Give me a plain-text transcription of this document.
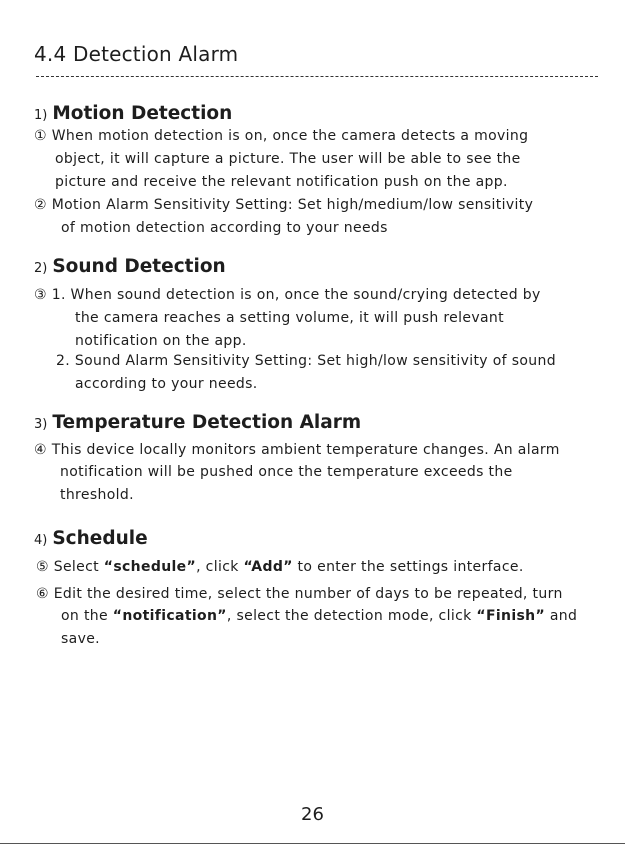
4.4 Detection Alarm
1) Motion Detection
① When motion detection is on, once the camera detects a moving
object, it will capture a picture. The user will be able to see the
picture and receive the relevant notification push on the app.
② Motion Alarm Sensitivity Setting: Set high/medium/low sensitivity
of motion detection according to your needs
2) Sound Detection
③ 1. When sound detection is on, once the sound/crying detected by
the camera reaches a setting volume, it will push relevant
notification on the app.
2. Sound Alarm Sensitivity Setting: Set high/low sensitivity of sound
according to your needs.
3) Temperature Detection Alarm
④ This device locally monitors ambient temperature changes. An alarm
notification will be pushed once the temperature exceeds the
threshold.
4) Schedule
⑤ Select “schedule”, click “Add” to enter the settings interface.
⑥ Edit the desired time, select the number of days to be repeated, turn
on the “notification”, select the detection mode, click “Finish” and
save.
26
